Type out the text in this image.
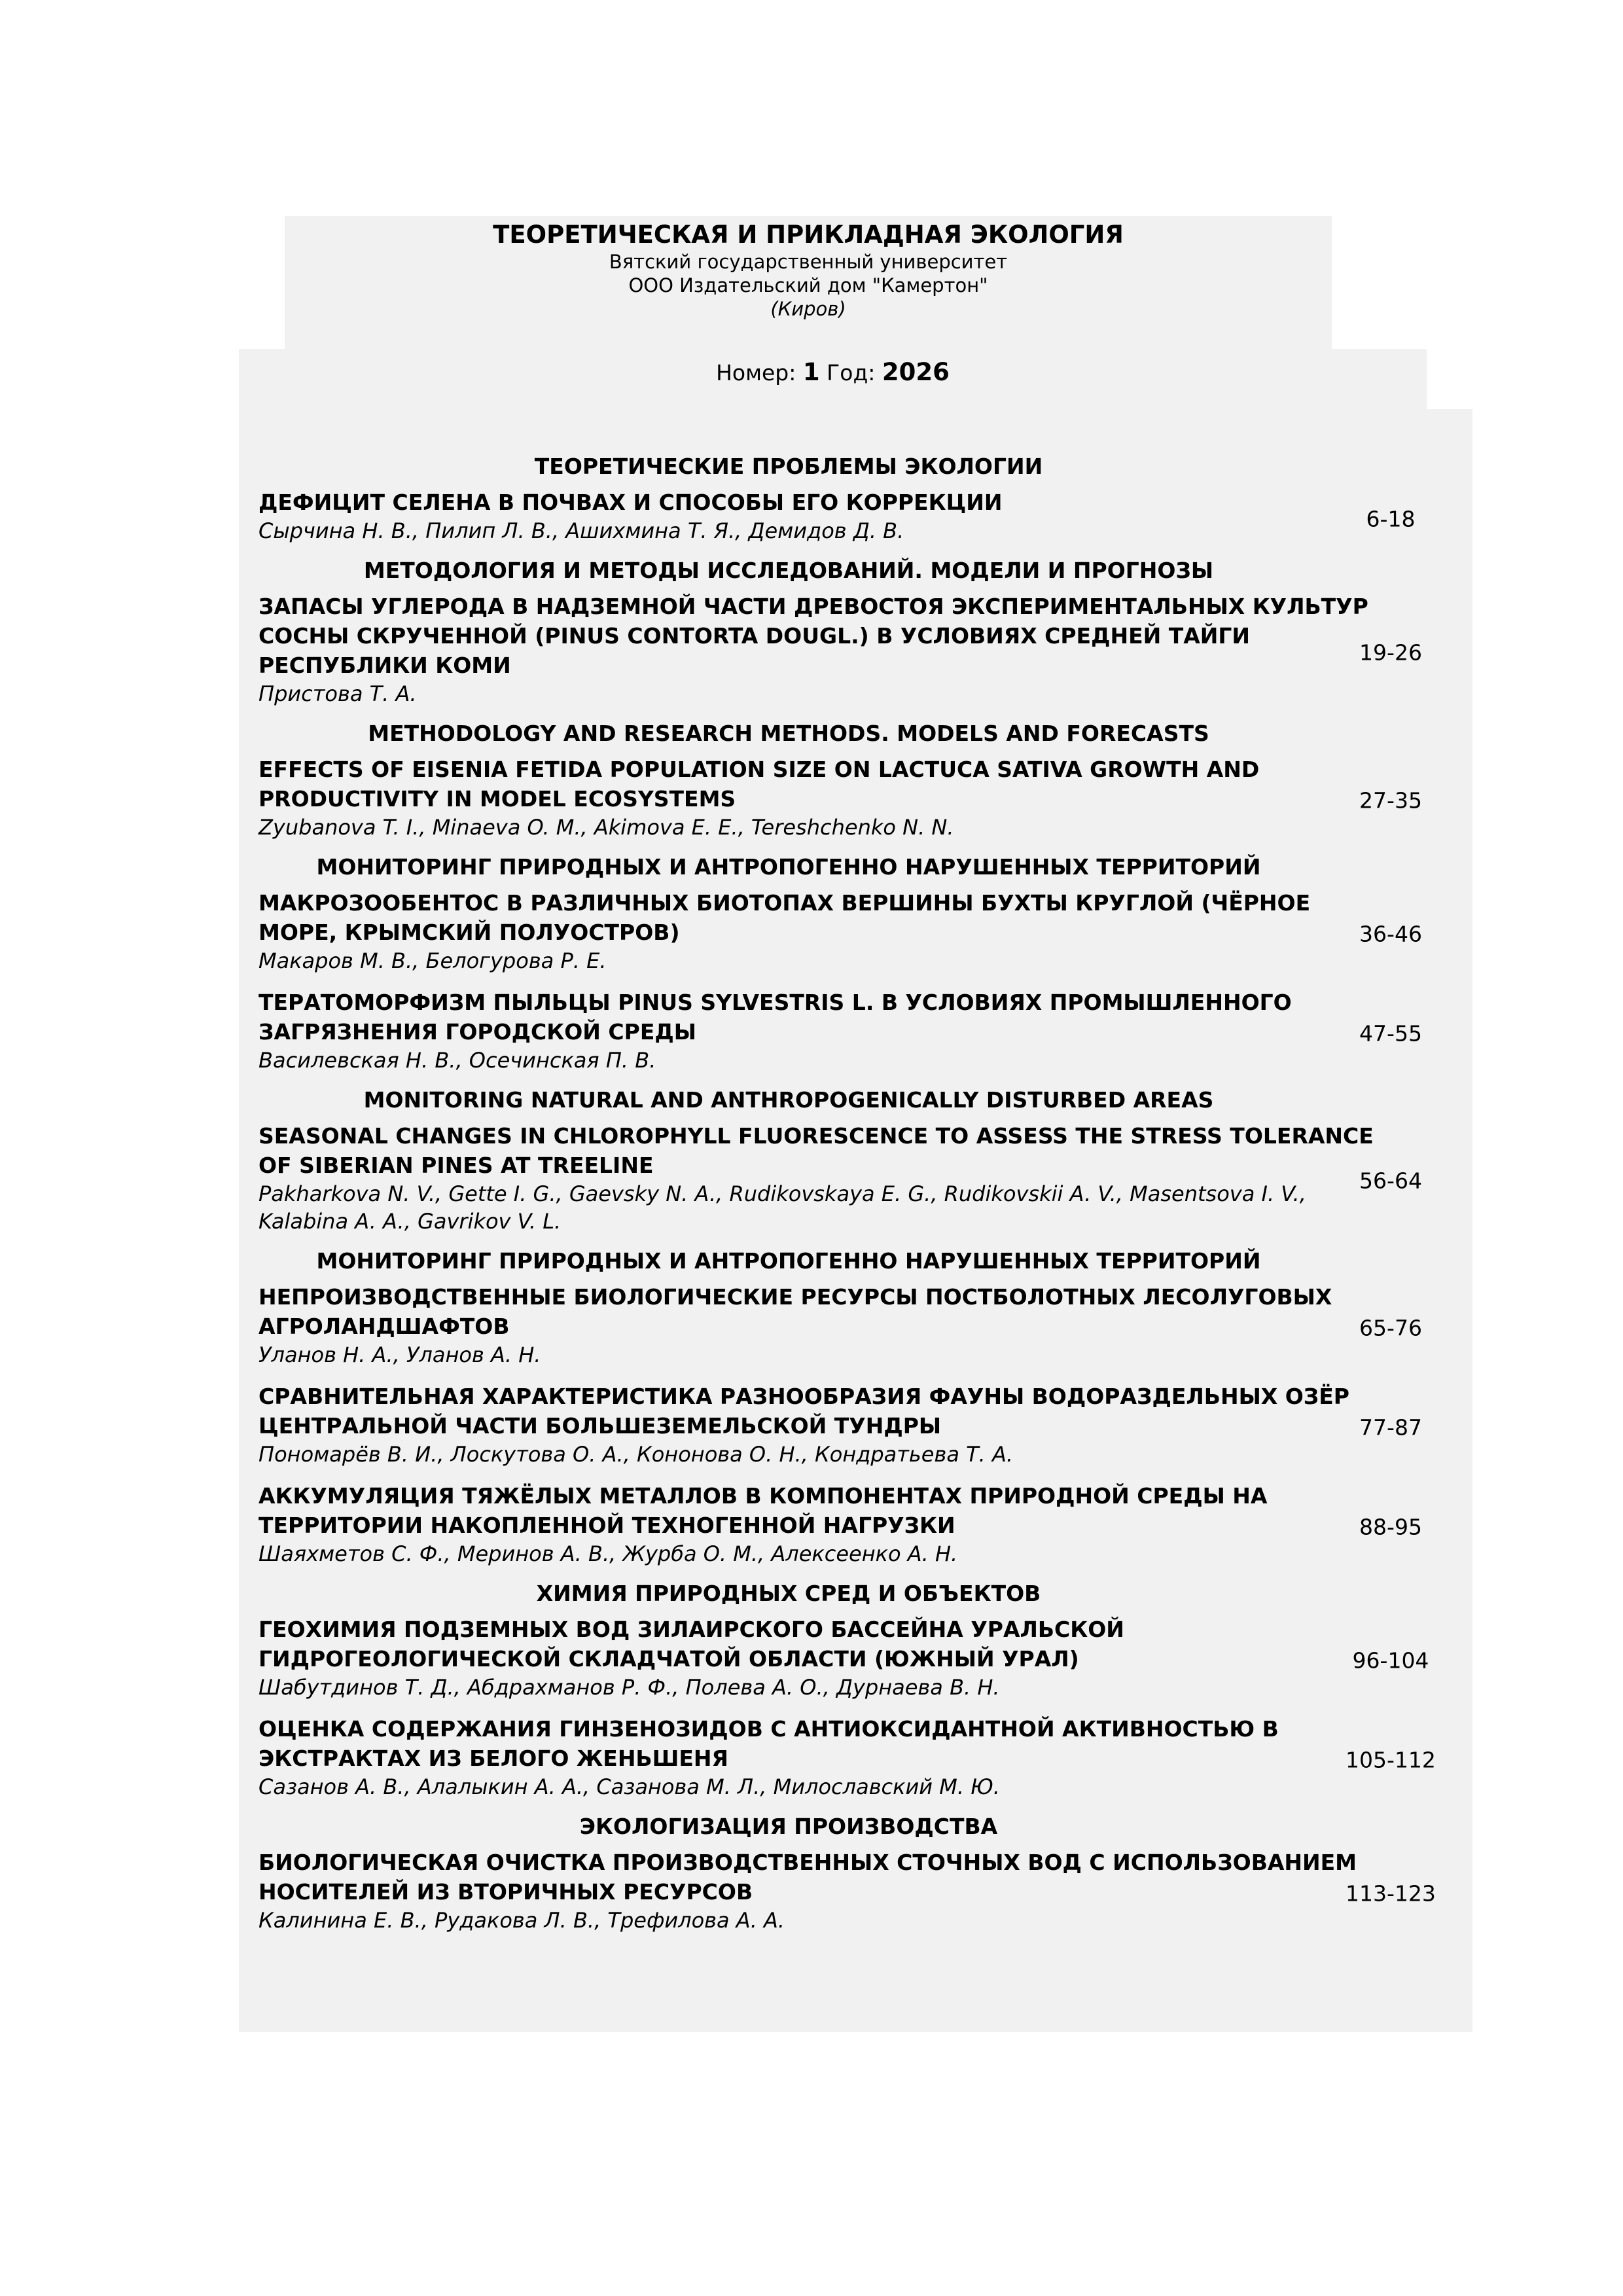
ТЕОРЕТИЧЕСКАЯ И ПРИКЛАДНАЯ ЭКОЛОГИЯ
Вятский государственный университет
ООО Издательский дом "Камертон"
(Киров)
Номер: 1 Год: 2026
ТЕОРЕТИЧЕСКИЕ ПРОБЛЕМЫ ЭКОЛОГИИ
ДЕФИЦИТ СЕЛЕНА В ПОЧВАХ И СПОСОБЫ ЕГО КОРРЕКЦИИ
Сырчина Н. В., Пилип Л. В., Ашихмина Т. Я., Демидов Д. В.	6-18
МЕТОДОЛОГИЯ И МЕТОДЫ ИССЛЕДОВАНИЙ. МОДЕЛИ И ПРОГНОЗЫ
ЗАПАСЫ УГЛЕРОДА В НАДЗЕМНОЙ ЧАСТИ ДРЕВОСТОЯ ЭКСПЕРИМЕНТАЛЬНЫХ КУЛЬТУР СОСНЫ СКРУЧЕННОЙ (PINUS CONTORTA DOUGL.) В УСЛОВИЯХ СРЕДНЕЙ ТАЙГИ РЕСПУБЛИКИ КОМИ
Пристова Т. А.
19-26
METHODOLOGY AND RESEARCH METHODS. MODELS AND FORECASTS
EFFECTS OF EISENIA FETIDA POPULATION SIZE ON LACTUCA SATIVA GROWTH AND PRODUCTIVITY IN MODEL ECOSYSTEMS
Zyubanova T. I., Minaeva O. M., Akimova E. E., Tereshchenko N. N.
27-35
МОНИТОРИНГ ПРИРОДНЫХ И АНТРОПОГЕННО НАРУШЕННЫХ ТЕРРИТОРИЙ
МАКРОЗООБЕНТОС В РАЗЛИЧНЫХ БИОТОПАХ ВЕРШИНЫ БУХТЫ КРУГЛОЙ (ЧЁРНОЕ МОРЕ, КРЫМСКИЙ ПОЛУОСТРОВ)
Макаров М. В., Белогурова Р. Е.
36-46
ТЕРАТОМОРФИЗМ ПЫЛЬЦЫ PINUS SYLVESTRIS L. В УСЛОВИЯХ ПРОМЫШЛЕННОГО ЗАГРЯЗНЕНИЯ ГОРОДСКОЙ СРЕДЫ
Василевская Н. В., Осечинская П. В.
47-55
MONITORING NATURAL AND ANTHROPOGENICALLY DISTURBED AREAS
SEASONAL CHANGES IN CHLOROPHYLL FLUORESCENCE TO ASSESS THE STRESS TOLERANCE OF SIBERIAN PINES AT TREELINE
Pakharkova N. V., Gette I. G., Gaevsky N. A., Rudikovskaya E. G., Rudikovskii A. V., Masentsova I. V., Kalabina A. A., Gavrikov V. L.
56-64
МОНИТОРИНГ ПРИРОДНЫХ И АНТРОПОГЕННО НАРУШЕННЫХ ТЕРРИТОРИЙ
НЕПРОИЗВОДСТВЕННЫЕ БИОЛОГИЧЕСКИЕ РЕСУРСЫ ПОСТБОЛОТНЫХ ЛЕСОЛУГОВЫХ АГРОЛАНДШАФТОВ
Уланов Н. А., Уланов А. Н.
65-76
СРАВНИТЕЛЬНАЯ ХАРАКТЕРИСТИКА РАЗНООБРАЗИЯ ФАУНЫ ВОДОРАЗДЕЛЬНЫХ ОЗЁР ЦЕНТРАЛЬНОЙ ЧАСТИ БОЛЬШЕЗЕМЕЛЬСКОЙ ТУНДРЫ
Пономарёв В. И., Лоскутова О. А., Кононова О. Н., Кондратьева Т. А.
77-87
АККУМУЛЯЦИЯ ТЯЖЁЛЫХ МЕТАЛЛОВ В КОМПОНЕНТАХ ПРИРОДНОЙ СРЕДЫ НА ТЕРРИТОРИИ НАКОПЛЕННОЙ ТЕХНОГЕННОЙ НАГРУЗКИ
Шаяхметов С. Ф., Меринов А. В., Журба О. М., Алексеенко А. Н.
88-95
ХИМИЯ ПРИРОДНЫХ СРЕД И ОБЪЕКТОВ
ГЕОХИМИЯ ПОДЗЕМНЫХ ВОД ЗИЛАИРСКОГО БАССЕЙНА УРАЛЬСКОЙ ГИДРОГЕОЛОГИЧЕСКОЙ СКЛАДЧАТОЙ ОБЛАСТИ (ЮЖНЫЙ УРАЛ)
Шабутдинов Т. Д., Абдрахманов Р. Ф., Полева А. О., Дурнаева В. Н.
96-104
ОЦЕНКА СОДЕРЖАНИЯ ГИНЗЕНОЗИДОВ С АНТИОКСИДАНТНОЙ АКТИВНОСТЬЮ В ЭКСТРАКТАХ ИЗ БЕЛОГО ЖЕНЬШЕНЯ
Сазанов А. В., Алалыкин А. А., Сазанова М. Л., Милославский М. Ю.
105-112
ЭКОЛОГИЗАЦИЯ ПРОИЗВОДСТВА
БИОЛОГИЧЕСКАЯ ОЧИСТКА ПРОИЗВОДСТВЕННЫХ СТОЧНЫХ ВОД С ИСПОЛЬЗОВАНИЕМ НОСИТЕЛЕЙ ИЗ ВТОРИЧНЫХ РЕСУРСОВ
Калинина Е. В., Рудакова Л. В., Трефилова А. А.
113-123
